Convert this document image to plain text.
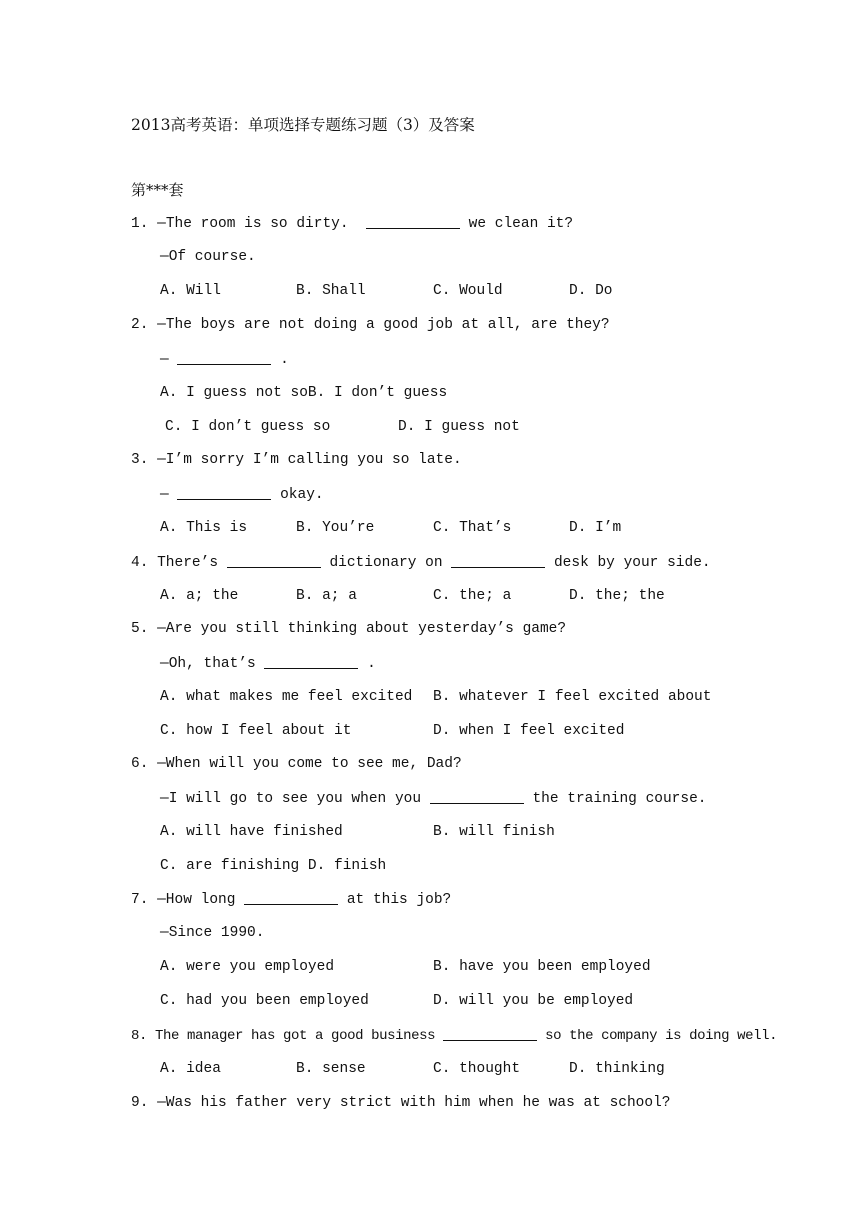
2013高考英语：单项选择专题练习题（3）及答案
第***套
1. —The room is so dirty.	we clean it?
—Of course.
A. Will	B. Shall	C. Would	D. Do
2. —The boys are not doing a good job at all, are they?
—	.
A. I guess not soB. I don’t guess
C. I don’t guess so	D. I guess not
3. —I’m sorry I’m calling you so late.
—	okay.
A. This is	B. You’re	C. That’s	D. I’m
4. There’s	dictionary on	desk by your side.
A. a; the	B. a; a	C. the; a	D. the; the
5. —Are you still thinking about yesterday’s game?
—Oh, that’s	.
A. what makes me feel excited B. whatever I feel excited about
C. how I feel about it	D. when I feel excited
6. —When will you come to see me, Dad?
—I will go to see you when you	the training course.
A. will have finished	B. will finish
C. are finishing D. finish
7. —How long	at this job?
—Since 1990.
A. were you employed	B. have you been employed
C. had you been employed	D. will you be employed
8. The manager has got a good business	so the company is doing well.
A. idea	B. sense	C. thought	D. thinking
9. —Was his father very strict with him when he was at school?
